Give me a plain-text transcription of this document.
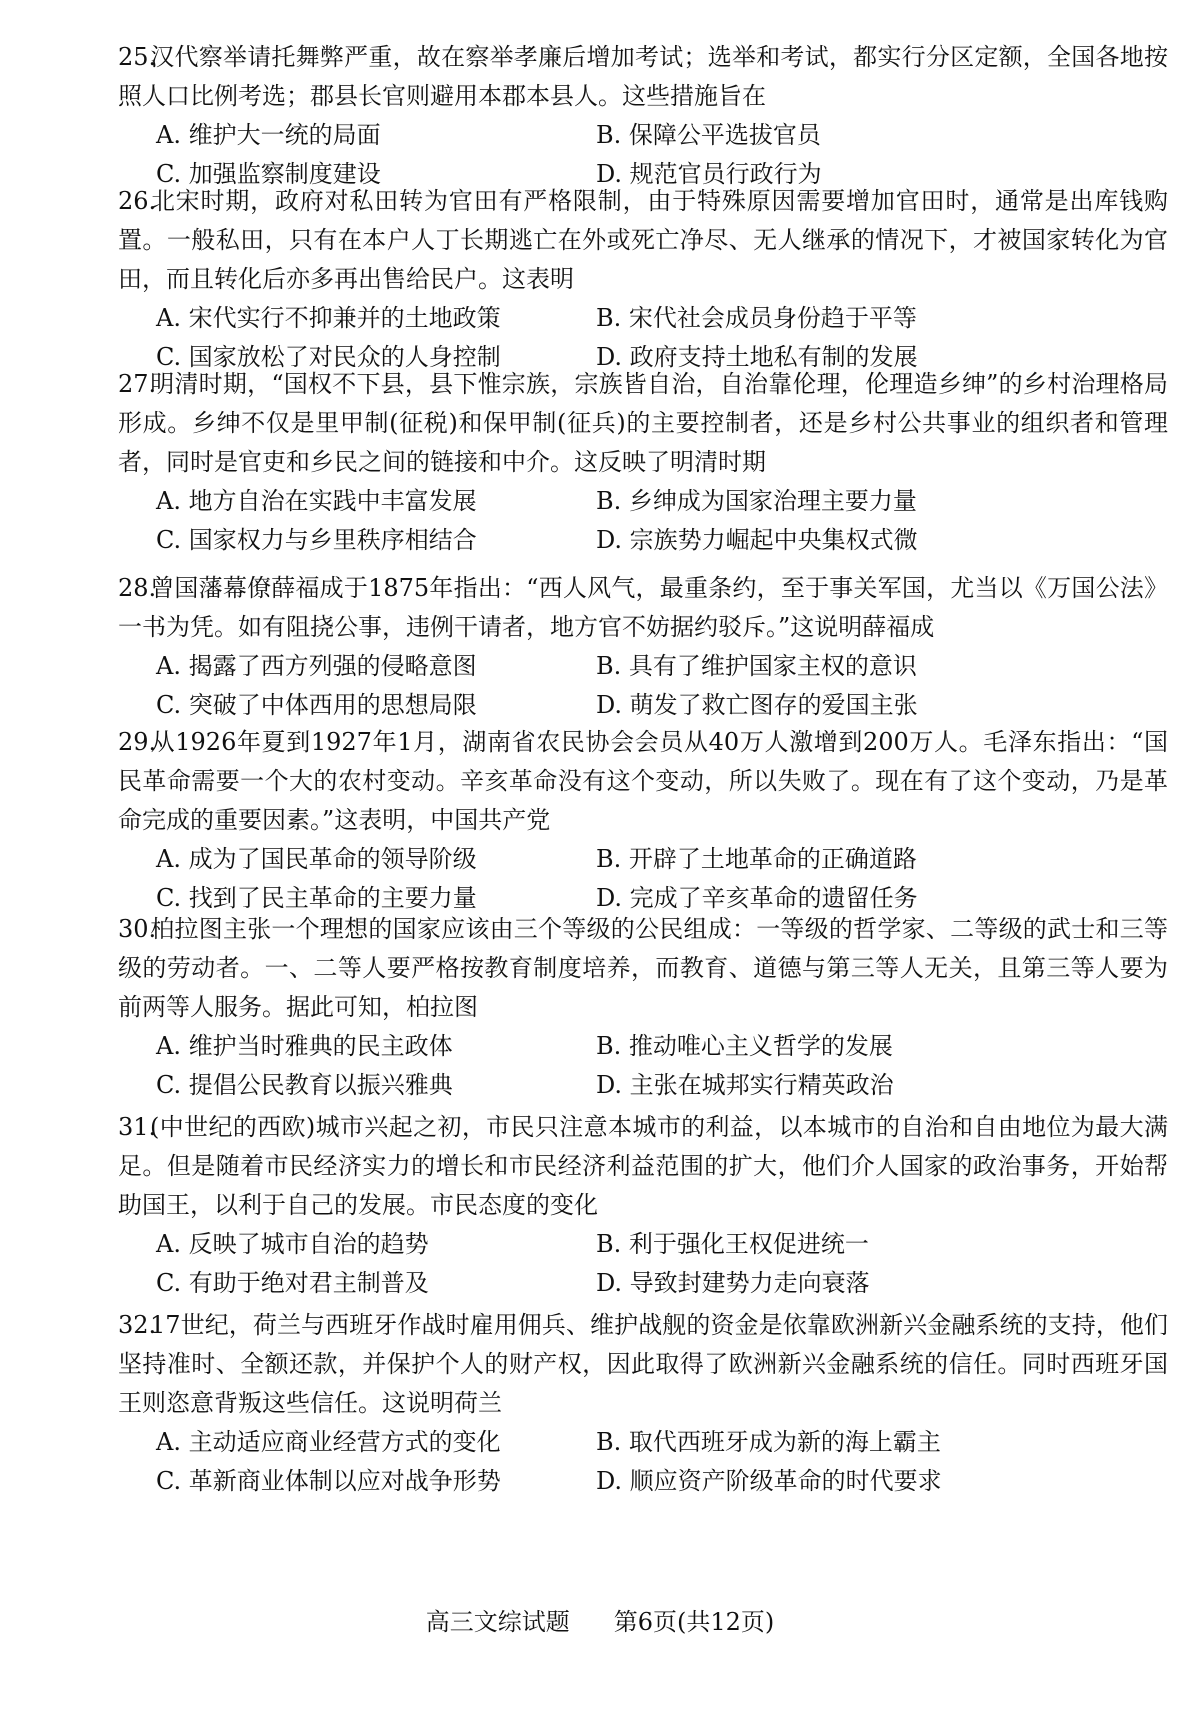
25.汉代察举请托舞弊严重，故在察举孝廉后增加考试；选举和考试，都实行分区定额，全国各地按照人口比例考选；郡县长官则避用本郡本县人。这些措施旨在
A. 维护大一统的局面	B. 保障公平选拔官员
C. 加强监察制度建设	D. 规范官员行政行为
26.北宋时期，政府对私田转为官田有严格限制，由于特殊原因需要增加官田时，通常是出库钱购置。一般私田，只有在本户人丁长期逃亡在外或死亡净尽、无人继承的情况下，才被国家转化为官田，而且转化后亦多再出售给民户。这表明
A. 宋代实行不抑兼并的土地政策	B. 宋代社会成员身份趋于平等
C. 国家放松了对民众的人身控制	D. 政府支持土地私有制的发展
27.明清时期，“国权不下县，县下惟宗族，宗族皆自治，自治靠伦理，伦理造乡绅”的乡村治理格局形成。乡绅不仅是里甲制(征税)和保甲制(征兵)的主要控制者，还是乡村公共事业的组织者和管理者，同时是官吏和乡民之间的链接和中介。这反映了明清时期
A. 地方自治在实践中丰富发展	B. 乡绅成为国家治理主要力量
C. 国家权力与乡里秩序相结合	D. 宗族势力崛起中央集权式微
28.曾国藩幕僚薛福成于1875年指出：“西人风气，最重条约，至于事关军国，尤当以《万国公法》一书为凭。如有阻挠公事，违例干请者，地方官不妨据约驳斥。”这说明薛福成
A. 揭露了西方列强的侵略意图	B. 具有了维护国家主权的意识
C. 突破了中体西用的思想局限	D. 萌发了救亡图存的爱国主张
29.从1926年夏到1927年1月，湖南省农民协会会员从40万人激增到200万人。毛泽东指出：“国民革命需要一个大的农村变动。辛亥革命没有这个变动，所以失败了。现在有了这个变动，乃是革命完成的重要因素。”这表明，中国共产党
A. 成为了国民革命的领导阶级	B. 开辟了土地革命的正确道路
C. 找到了民主革命的主要力量	D. 完成了辛亥革命的遗留任务
30.柏拉图主张一个理想的国家应该由三个等级的公民组成：一等级的哲学家、二等级的武士和三等级的劳动者。一、二等人要严格按教育制度培养，而教育、道德与第三等人无关，且第三等人要为前两等人服务。据此可知，柏拉图
A. 维护当时雅典的民主政体	B. 推动唯心主义哲学的发展
C. 提倡公民教育以振兴雅典	D. 主张在城邦实行精英政治
31.(中世纪的西欧)城市兴起之初，市民只注意本城市的利益，以本城市的自治和自由地位为最大满足。但是随着市民经济实力的增长和市民经济利益范围的扩大，他们介人国家的政治事务，开始帮助国王，以利于自己的发展。市民态度的变化
A. 反映了城市自治的趋势	B. 利于强化王权促进统一
C. 有助于绝对君主制普及	D. 导致封建势力走向衰落
32.17世纪，荷兰与西班牙作战时雇用佣兵、维护战舰的资金是依靠欧洲新兴金融系统的支持，他们坚持准时、全额还款，并保护个人的财产权，因此取得了欧洲新兴金融系统的信任。同时西班牙国王则恣意背叛这些信任。这说明荷兰
A. 主动适应商业经营方式的变化	B. 取代西班牙成为新的海上霸主
C. 革新商业体制以应对战争形势	D. 顺应资产阶级革命的时代要求
高三文综试题 第6页(共12页)
